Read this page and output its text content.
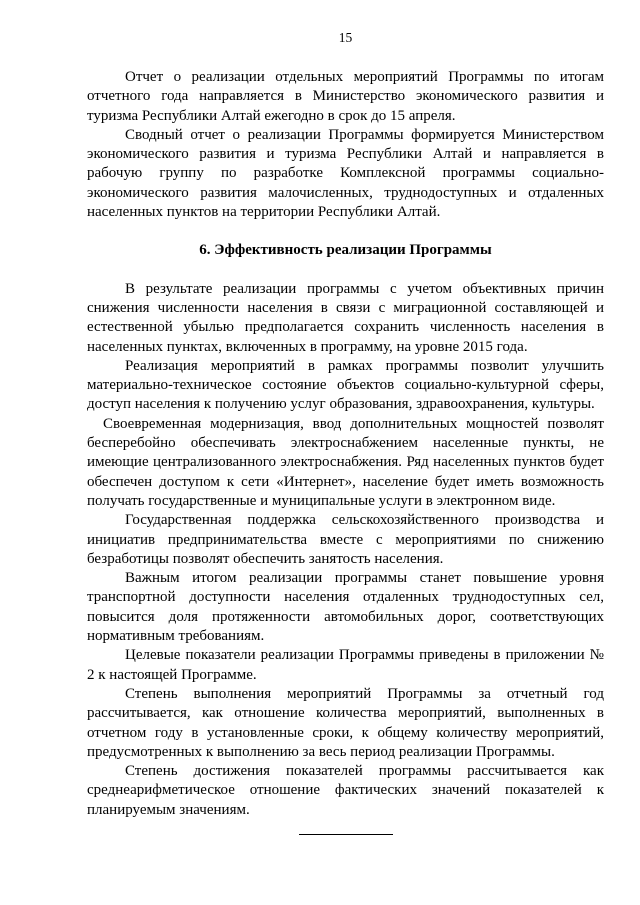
15

Отчет о реализации отдельных мероприятий Программы по итогам отчетного года направляется в Министерство экономического развития и туризма Республики Алтай ежегодно в срок до 15 апреля.

Сводный отчет о реализации Программы формируется Министерством экономического развития и туризма Республики Алтай и направляется в рабочую группу по разработке Комплексной программы социально-экономического развития малочисленных, труднодоступных и отдаленных населенных пунктов на территории Республики Алтай.

6. Эффективность реализации Программы

В результате реализации программы с учетом объективных причин снижения численности населения в связи с миграционной составляющей и естественной убылью предполагается сохранить численность населения в населенных пунктах, включенных в программу, на уровне 2015 года.

Реализация мероприятий в рамках программы позволит улучшить материально-техническое состояние объектов социально-культурной сферы, доступ населения к получению услуг образования, здравоохранения, культуры.

Своевременная модернизация, ввод дополнительных мощностей позволят бесперебойно обеспечивать электроснабжением населенные пункты, не имеющие централизованного электроснабжения. Ряд населенных пунктов будет обеспечен доступом к сети «Интернет», население будет иметь возможность получать государственные и муниципальные услуги в электронном виде.

Государственная поддержка сельскохозяйственного производства и инициатив предпринимательства вместе с мероприятиями по снижению безработицы позволят обеспечить занятость населения.

Важным итогом реализации программы станет повышение уровня транспортной доступности населения отдаленных труднодоступных сел, повысится доля протяженности автомобильных дорог, соответствующих нормативным требованиям.

Целевые показатели реализации Программы приведены в приложении № 2 к настоящей Программе.

Степень выполнения мероприятий Программы за отчетный год рассчитывается, как отношение количества мероприятий, выполненных в отчетном году в установленные сроки, к общему количеству мероприятий, предусмотренных к выполнению за весь период реализации Программы.

Степень достижения показателей программы рассчитывается как среднеарифметическое отношение фактических значений показателей к планируемым значениям.
